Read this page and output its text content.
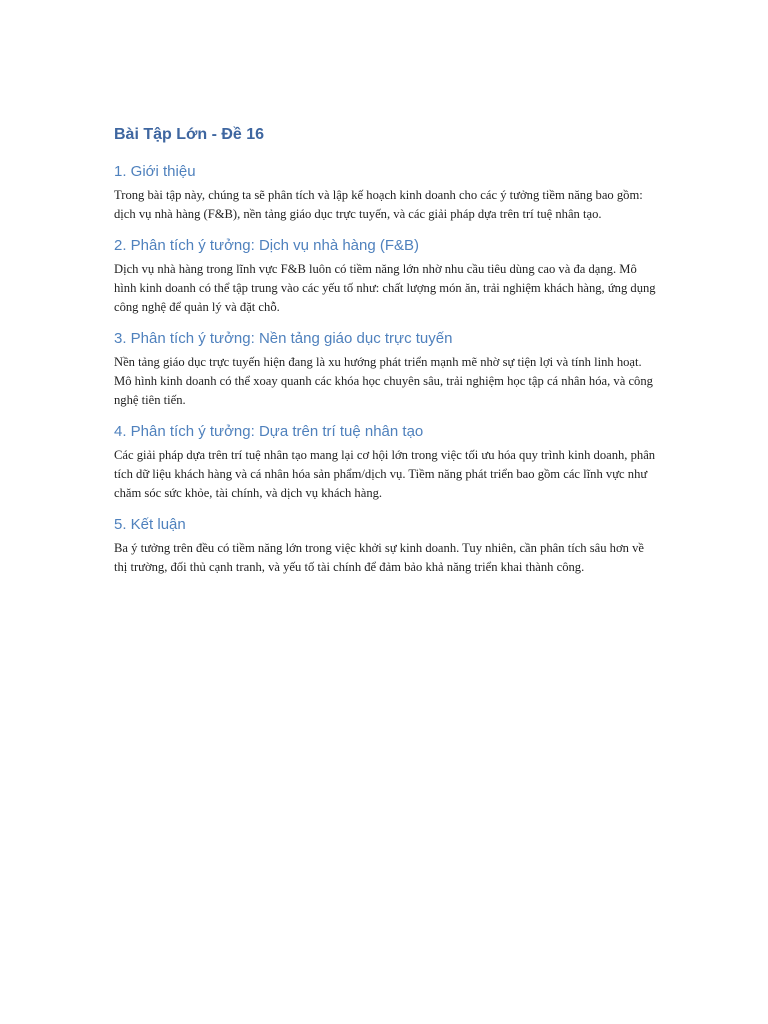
Bài Tập Lớn - Đề 16
1. Giới thiệu

Trong bài tập này, chúng ta sẽ phân tích và lập kế hoạch kinh doanh cho các ý tưởng tiềm năng bao gồm: dịch vụ nhà hàng (F&B), nền tảng giáo dục trực tuyến, và các giải pháp dựa trên trí tuệ nhân tạo.

2. Phân tích ý tưởng: Dịch vụ nhà hàng (F&B)

Dịch vụ nhà hàng trong lĩnh vực F&B luôn có tiềm năng lớn nhờ nhu cầu tiêu dùng cao và đa dạng. Mô hình kinh doanh có thể tập trung vào các yếu tố như: chất lượng món ăn, trải nghiệm khách hàng, ứng dụng công nghệ để quản lý và đặt chỗ.

3. Phân tích ý tưởng: Nền tảng giáo dục trực tuyến

Nền tảng giáo dục trực tuyến hiện đang là xu hướng phát triển mạnh mẽ nhờ sự tiện lợi và tính linh hoạt. Mô hình kinh doanh có thể xoay quanh các khóa học chuyên sâu, trải nghiệm học tập cá nhân hóa, và công nghệ tiên tiến.

4. Phân tích ý tưởng: Dựa trên trí tuệ nhân tạo

Các giải pháp dựa trên trí tuệ nhân tạo mang lại cơ hội lớn trong việc tối ưu hóa quy trình kinh doanh, phân tích dữ liệu khách hàng và cá nhân hóa sản phẩm/dịch vụ. Tiềm năng phát triển bao gồm các lĩnh vực như chăm sóc sức khỏe, tài chính, và dịch vụ khách hàng.

5. Kết luận

Ba ý tưởng trên đều có tiềm năng lớn trong việc khởi sự kinh doanh. Tuy nhiên, cần phân tích sâu hơn về thị trường, đối thủ cạnh tranh, và yếu tố tài chính để đảm bảo khả năng triển khai thành công.
